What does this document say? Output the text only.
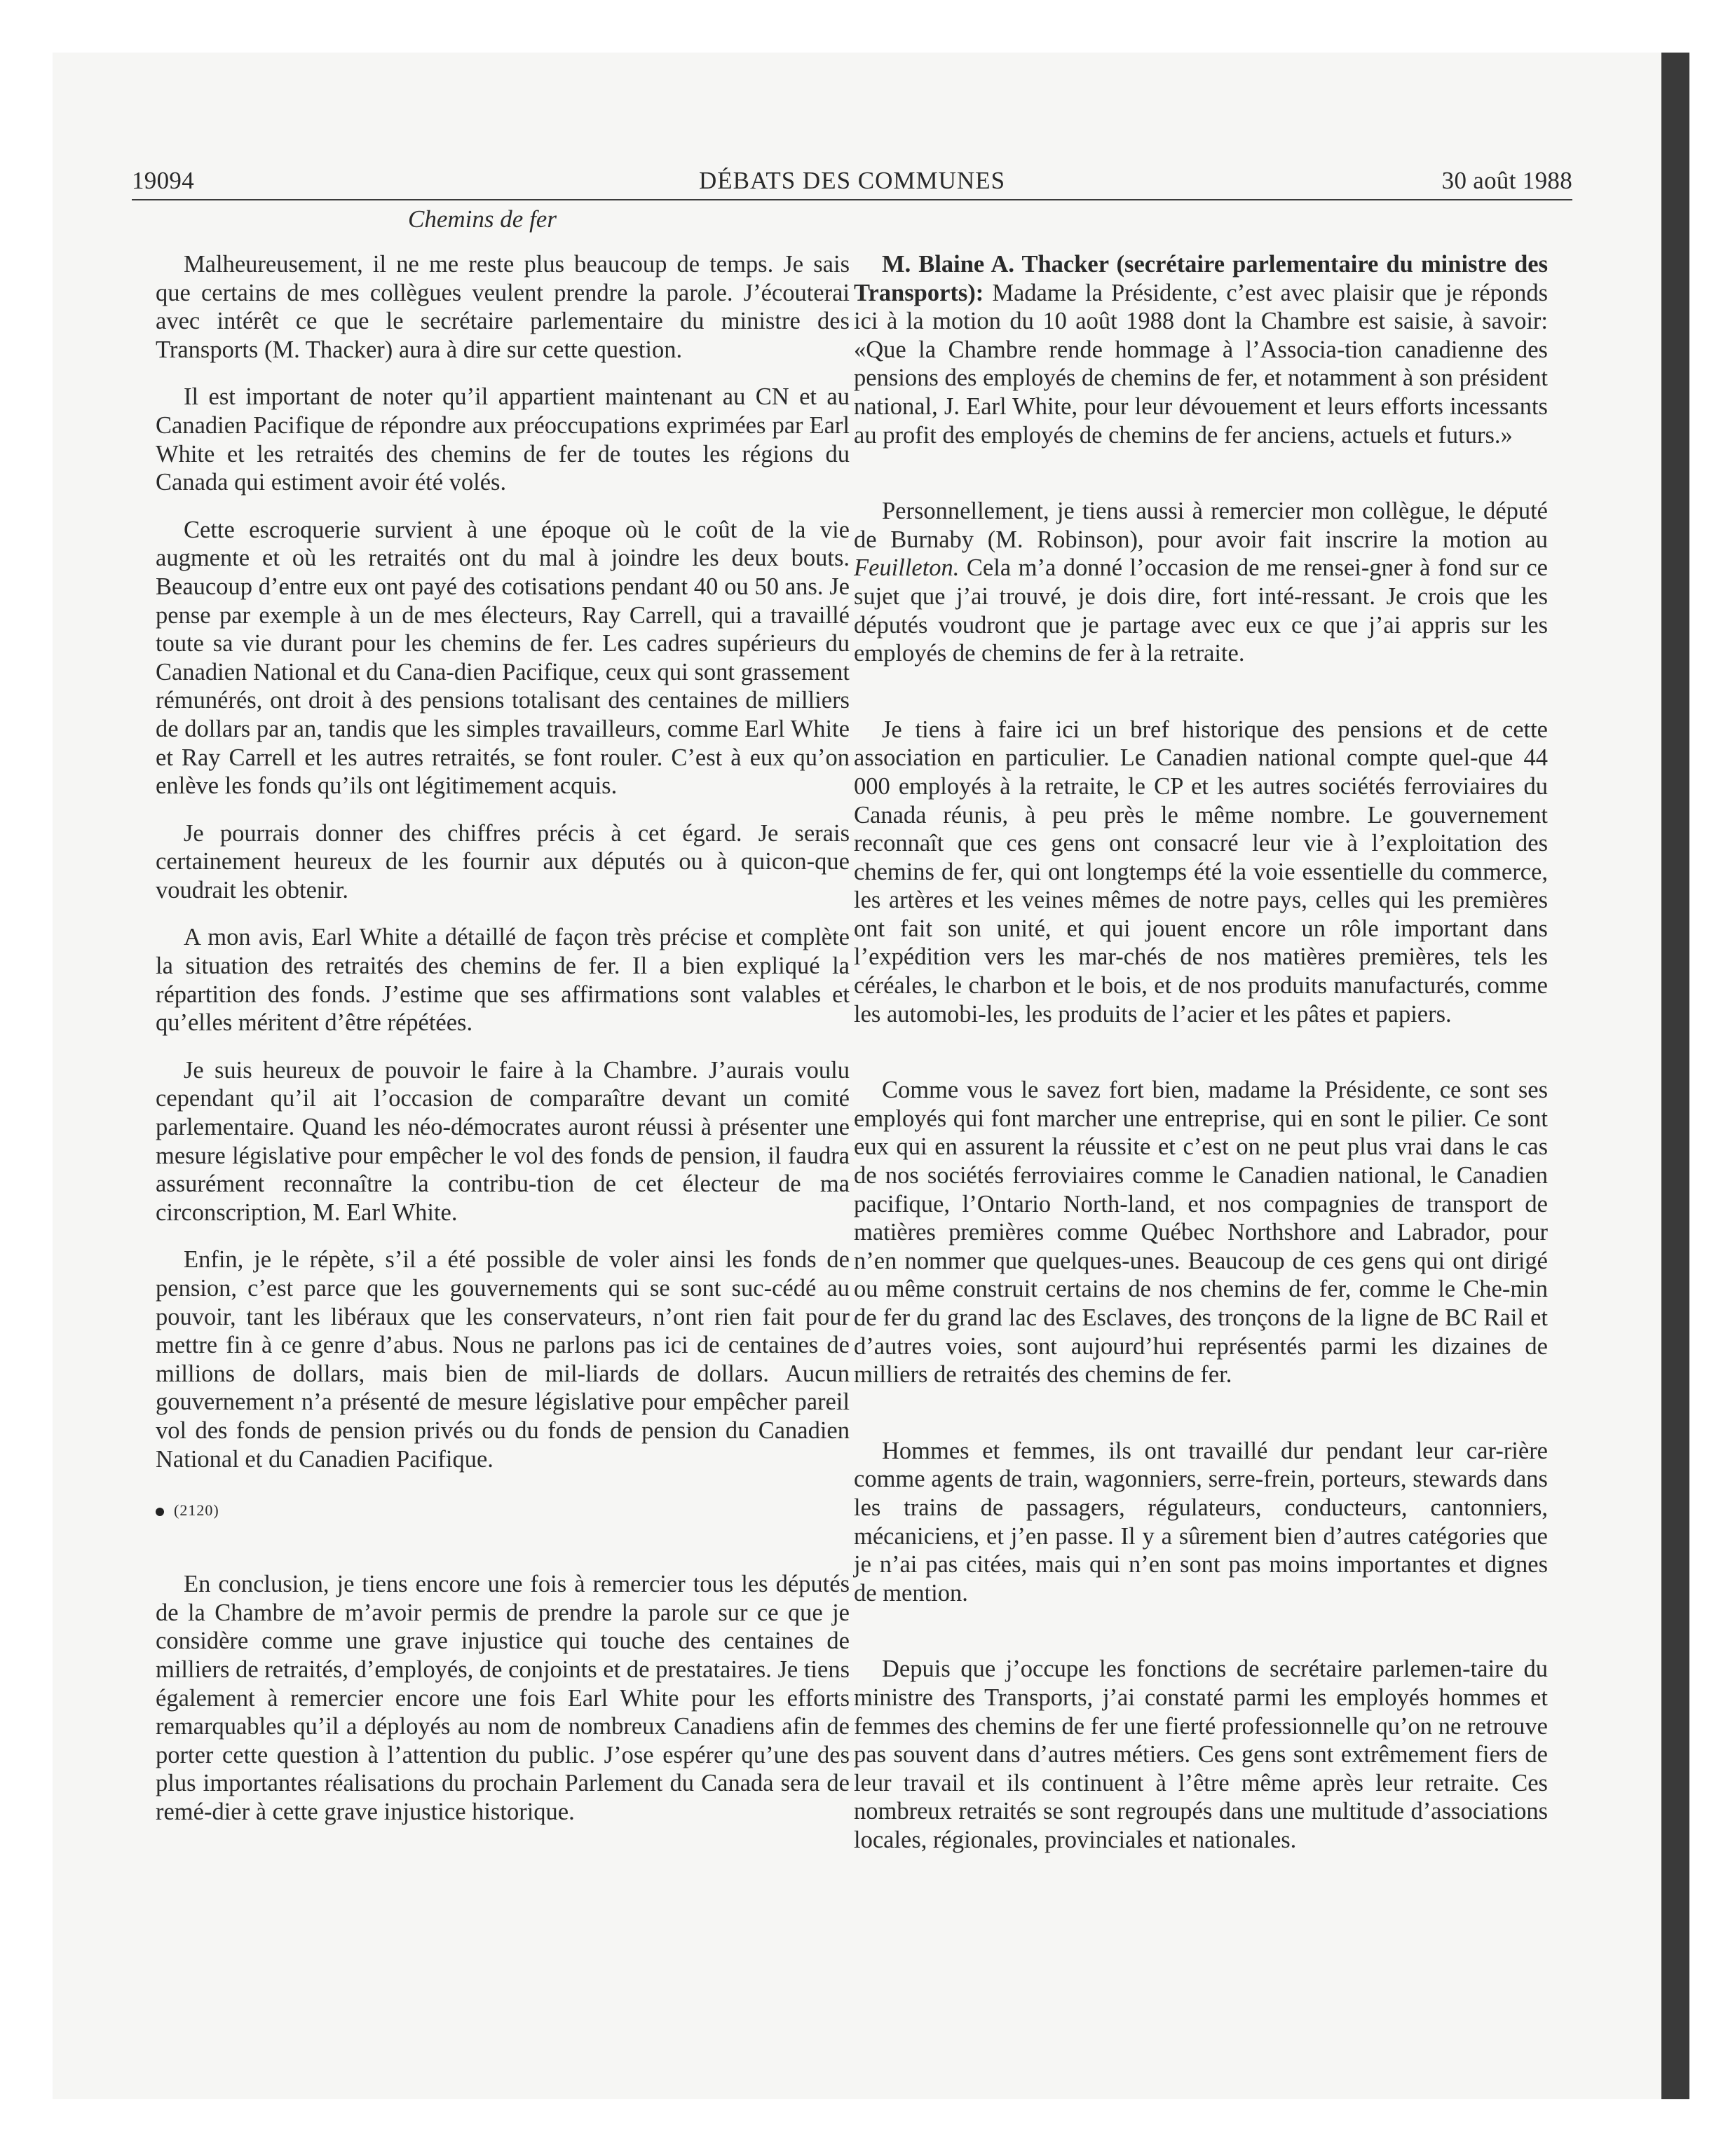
19094	DÉBATS DES COMMUNES	30 août 1988
Chemins de fer

Malheureusement, il ne me reste plus beaucoup de temps. Je sais que certains de mes collègues veulent prendre la parole. J’écouterai avec intérêt ce que le secrétaire parlementaire du ministre des Transports (M. Thacker) aura à dire sur cette question.

Il est important de noter qu’il appartient maintenant au CN et au Canadien Pacifique de répondre aux préoccupations exprimées par Earl White et les retraités des chemins de fer de toutes les régions du Canada qui estiment avoir été volés.

Cette escroquerie survient à une époque où le coût de la vie augmente et où les retraités ont du mal à joindre les deux bouts. Beaucoup d’entre eux ont payé des cotisations pendant 40 ou 50 ans. Je pense par exemple à un de mes électeurs, Ray Carrell, qui a travaillé toute sa vie durant pour les chemins de fer. Les cadres supérieurs du Canadien National et du Cana-dien Pacifique, ceux qui sont grassement rémunérés, ont droit à des pensions totalisant des centaines de milliers de dollars par an, tandis que les simples travailleurs, comme Earl White et Ray Carrell et les autres retraités, se font rouler. C’est à eux qu’on enlève les fonds qu’ils ont légitimement acquis.

Je pourrais donner des chiffres précis à cet égard. Je serais certainement heureux de les fournir aux députés ou à quicon-que voudrait les obtenir.

A mon avis, Earl White a détaillé de façon très précise et complète la situation des retraités des chemins de fer. Il a bien expliqué la répartition des fonds. J’estime que ses affirmations sont valables et qu’elles méritent d’être répétées.

Je suis heureux de pouvoir le faire à la Chambre. J’aurais voulu cependant qu’il ait l’occasion de comparaître devant un comité parlementaire. Quand les néo-démocrates auront réussi à présenter une mesure législative pour empêcher le vol des fonds de pension, il faudra assurément reconnaître la contribu-tion de cet électeur de ma circonscription, M. Earl White.

Enfin, je le répète, s’il a été possible de voler ainsi les fonds de pension, c’est parce que les gouvernements qui se sont suc-cédé au pouvoir, tant les libéraux que les conservateurs, n’ont rien fait pour mettre fin à ce genre d’abus. Nous ne parlons pas ici de centaines de millions de dollars, mais bien de mil-liards de dollars. Aucun gouvernement n’a présenté de mesure législative pour empêcher pareil vol des fonds de pension privés ou du fonds de pension du Canadien National et du Canadien Pacifique.

(2120)

En conclusion, je tiens encore une fois à remercier tous les députés de la Chambre de m’avoir permis de prendre la parole sur ce que je considère comme une grave injustice qui touche des centaines de milliers de retraités, d’employés, de conjoints et de prestataires. Je tiens également à remercier encore une fois Earl White pour les efforts remarquables qu’il a déployés au nom de nombreux Canadiens afin de porter cette question à l’attention du public. J’ose espérer qu’une des plus importantes réalisations du prochain Parlement du Canada sera de remé-dier à cette grave injustice historique.

M. Blaine A. Thacker (secrétaire parlementaire du ministre des Transports): Madame la Présidente, c’est avec plaisir que je réponds ici à la motion du 10 août 1988 dont la Chambre est saisie, à savoir: «Que la Chambre rende hommage à l’Associa-tion canadienne des pensions des employés de chemins de fer, et notamment à son président national, J. Earl White, pour leur dévouement et leurs efforts incessants au profit des employés de chemins de fer anciens, actuels et futurs.»

Personnellement, je tiens aussi à remercier mon collègue, le député de Burnaby (M. Robinson), pour avoir fait inscrire la motion au Feuilleton. Cela m’a donné l’occasion de me rensei-gner à fond sur ce sujet que j’ai trouvé, je dois dire, fort inté-ressant. Je crois que les députés voudront que je partage avec eux ce que j’ai appris sur les employés de chemins de fer à la retraite.

Je tiens à faire ici un bref historique des pensions et de cette association en particulier. Le Canadien national compte quel-que 44 000 employés à la retraite, le CP et les autres sociétés ferroviaires du Canada réunis, à peu près le même nombre. Le gouvernement reconnaît que ces gens ont consacré leur vie à l’exploitation des chemins de fer, qui ont longtemps été la voie essentielle du commerce, les artères et les veines mêmes de notre pays, celles qui les premières ont fait son unité, et qui jouent encore un rôle important dans l’expédition vers les mar-chés de nos matières premières, tels les céréales, le charbon et le bois, et de nos produits manufacturés, comme les automobi-les, les produits de l’acier et les pâtes et papiers.

Comme vous le savez fort bien, madame la Présidente, ce sont ses employés qui font marcher une entreprise, qui en sont le pilier. Ce sont eux qui en assurent la réussite et c’est on ne peut plus vrai dans le cas de nos sociétés ferroviaires comme le Canadien national, le Canadien pacifique, l’Ontario North-land, et nos compagnies de transport de matières premières comme Québec Northshore and Labrador, pour n’en nommer que quelques-unes. Beaucoup de ces gens qui ont dirigé ou même construit certains de nos chemins de fer, comme le Che-min de fer du grand lac des Esclaves, des tronçons de la ligne de BC Rail et d’autres voies, sont aujourd’hui représentés parmi les dizaines de milliers de retraités des chemins de fer.

Hommes et femmes, ils ont travaillé dur pendant leur car-rière comme agents de train, wagonniers, serre-frein, porteurs, stewards dans les trains de passagers, régulateurs, conducteurs, cantonniers, mécaniciens, et j’en passe. Il y a sûrement bien d’autres catégories que je n’ai pas citées, mais qui n’en sont pas moins importantes et dignes de mention.

Depuis que j’occupe les fonctions de secrétaire parlemen-taire du ministre des Transports, j’ai constaté parmi les employés hommes et femmes des chemins de fer une fierté professionnelle qu’on ne retrouve pas souvent dans d’autres métiers. Ces gens sont extrêmement fiers de leur travail et ils continuent à l’être même après leur retraite. Ces nombreux retraités se sont regroupés dans une multitude d’associations locales, régionales, provinciales et nationales.
